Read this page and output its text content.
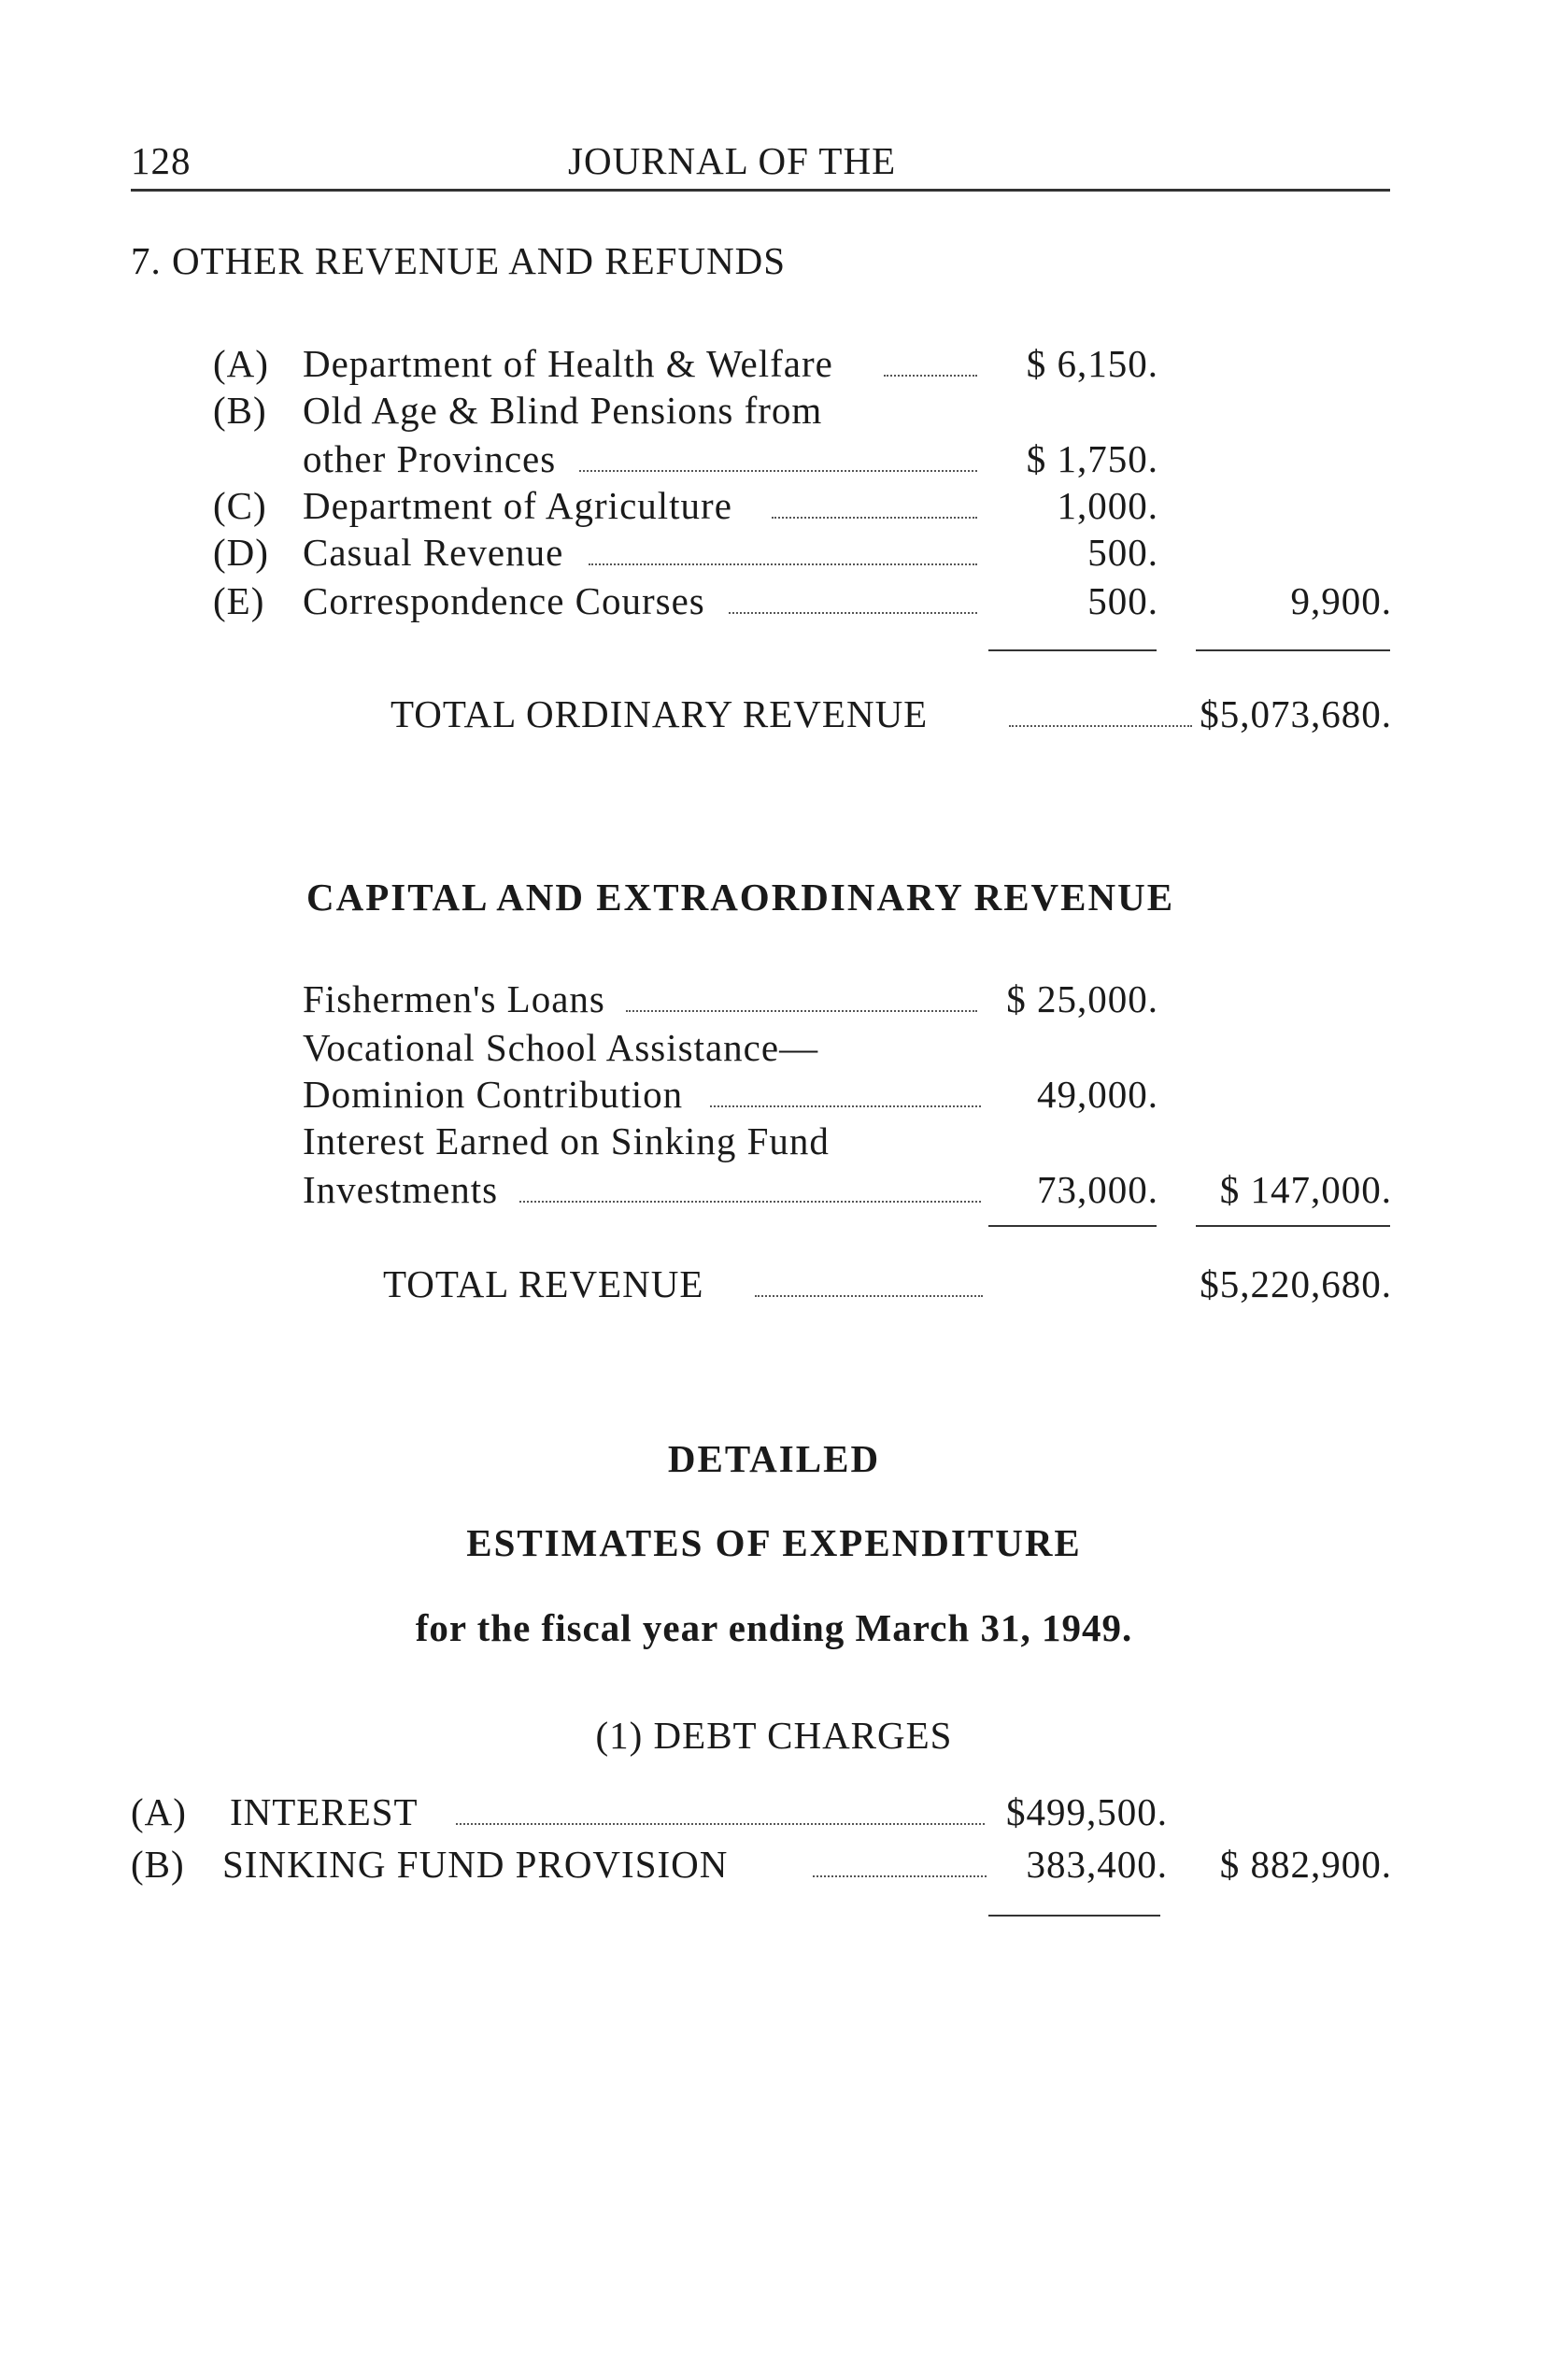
128	JOURNAL OF THE
7. OTHER REVENUE AND REFUNDS
(A) Department of Health & Welfare	$ 6,150.
(B) Old Age & Blind Pensions from
other Provinces	$ 1,750.
(C) Department of Agriculture	1,000.
(D) Casual Revenue	500.
(E) Correspondence Courses	500.	9,900.
TOTAL ORDINARY REVENUE	$5,073,680.
CAPITAL AND EXTRAORDINARY REVENUE
Fishermen's Loans	$ 25,000.
Vocational School Assistance—
Dominion Contribution	49,000.
Interest Earned on Sinking Fund
Investments	73,000.	$ 147,000.
TOTAL REVENUE	$5,220,680.
DETAILED
ESTIMATES OF EXPENDITURE
for the fiscal year ending March 31, 1949.
(1) DEBT CHARGES
(A) INTEREST	$499,500.
(B) SINKING FUND PROVISION	383,400.	$ 882,900.
